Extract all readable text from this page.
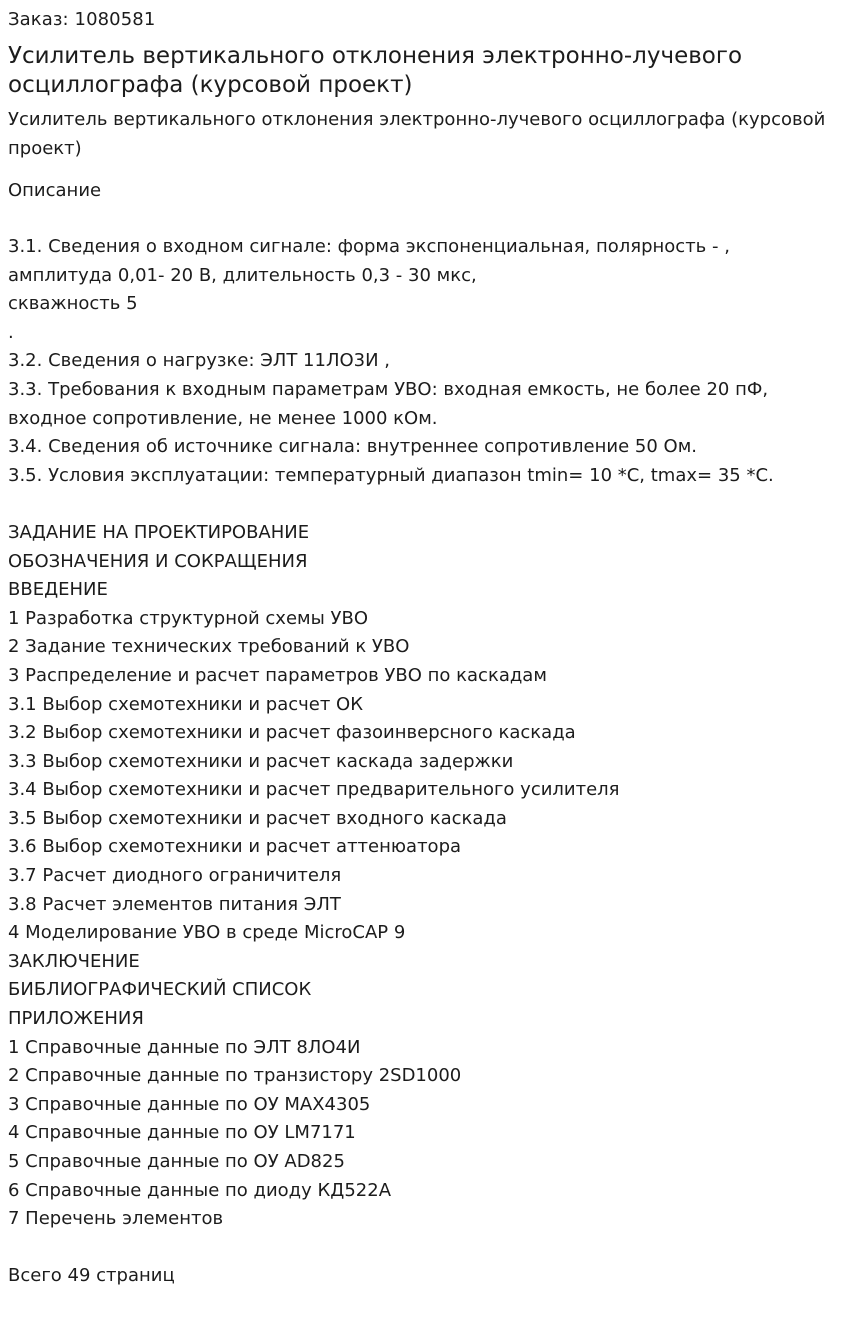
Заказ: 1080581
Усилитель вертикального отклонения электронно-лучевого осциллографа (курсовой проект)
Усилитель вертикального отклонения электронно-лучевого осциллографа (курсовой проект)
Описание
3.1. Сведения о входном сигнале: форма экспоненциальная, полярность - ,
амплитуда 0,01- 20 В, длительность 0,3 - 30 мкс,
скважность 5
.
3.2. Сведения о нагрузке: ЭЛТ 11ЛО3И ,
3.3. Требования к входным параметрам УВО: входная емкость, не более 20 пФ,
входное сопротивление, не менее 1000 кОм.
3.4. Сведения об источнике сигнала: внутреннее сопротивление 50 Ом.
3.5. Условия эксплуатации: температурный диапазон tmin= 10 *С, tmax= 35 *С.
ЗАДАНИЕ НА ПРОЕКТИРОВАНИЕ
ОБОЗНАЧЕНИЯ И СОКРАЩЕНИЯ
ВВЕДЕНИЕ
1 Разработка структурной схемы УВО
2 Задание технических требований к УВО
3 Распределение и расчет параметров УВО по каскадам
3.1 Выбор схемотехники и расчет ОК
3.2 Выбор схемотехники и расчет фазоинверсного каскада
3.3 Выбор схемотехники и расчет каскада задержки
3.4 Выбор схемотехники и расчет предварительного усилителя
3.5 Выбор схемотехники и расчет входного каскада
3.6 Выбор схемотехники и расчет аттенюатора
3.7 Расчет диодного ограничителя
3.8 Расчет элементов питания ЭЛТ
4 Моделирование УВО в среде MicroCAP 9
ЗАКЛЮЧЕНИЕ
БИБЛИОГРАФИЧЕСКИЙ СПИСОК
ПРИЛОЖЕНИЯ
1 Справочные данные по ЭЛТ 8ЛО4И
2 Справочные данные по транзистору 2SD1000
3 Справочные данные по ОУ MAX4305
4 Справочные данные по ОУ LM7171
5 Справочные данные по ОУ AD825
6 Справочные данные по диоду КД522А
7 Перечень элементов
Всего 49 страниц
